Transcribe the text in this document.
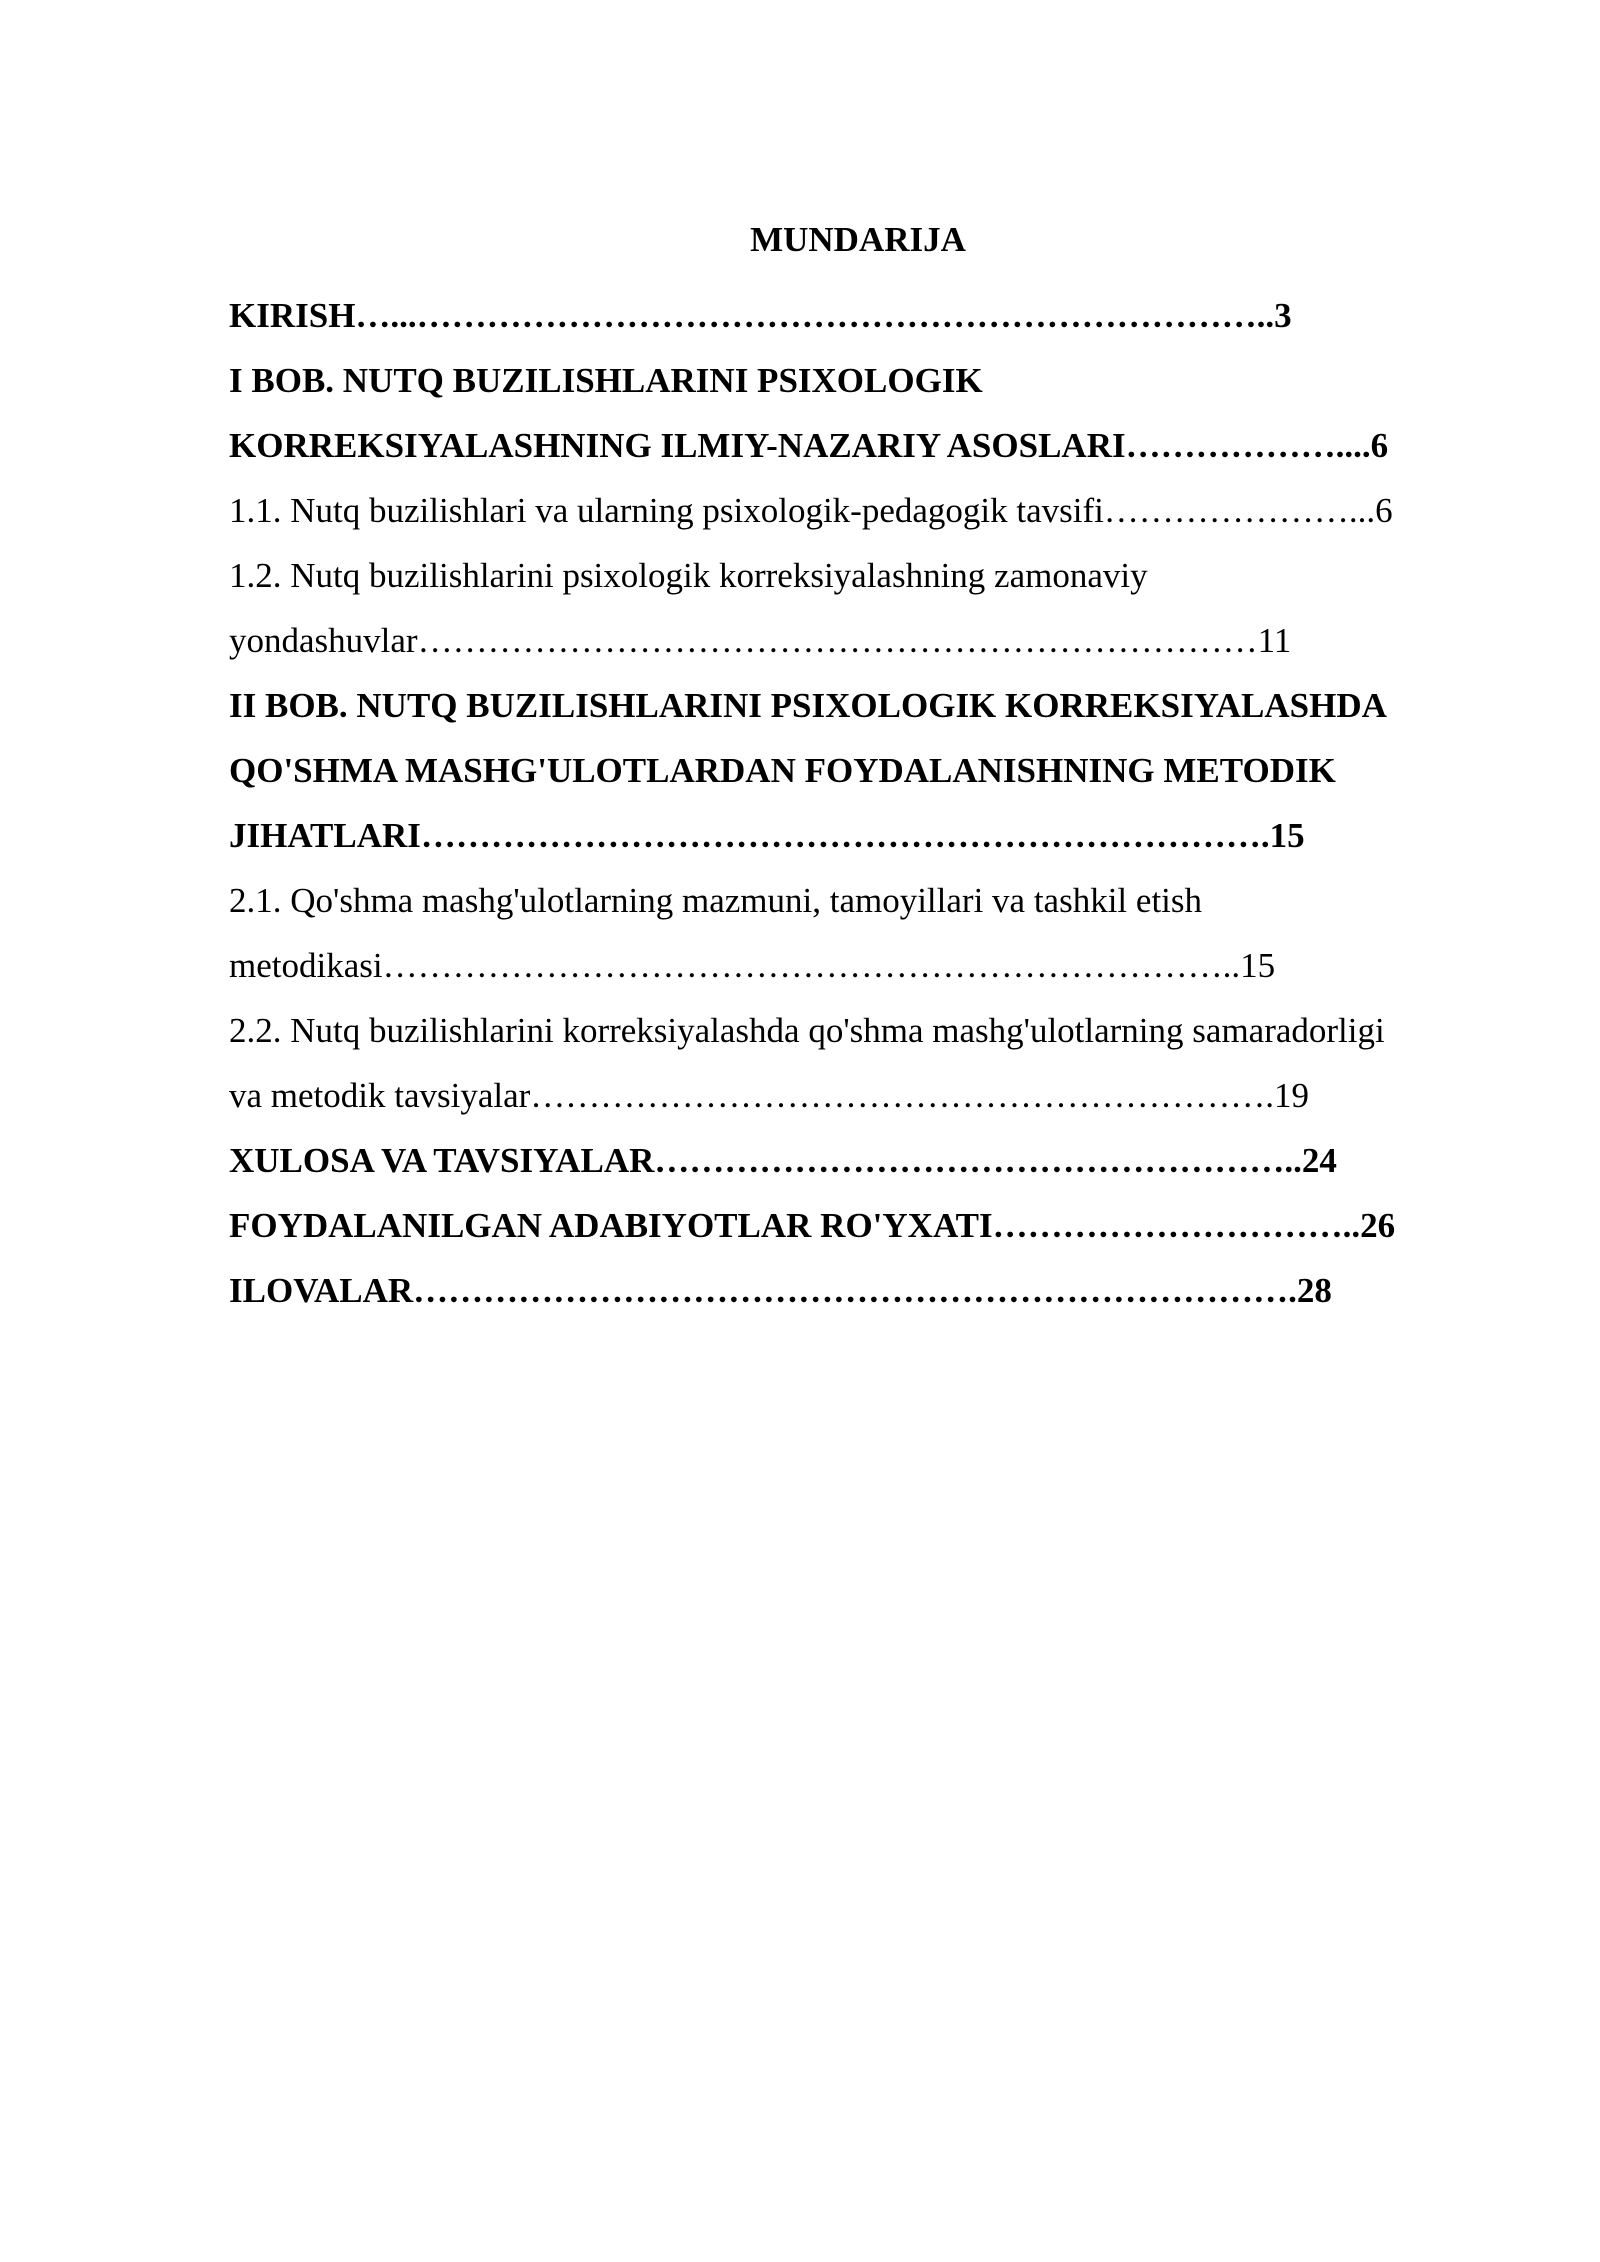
MUNDARIJA
KIRISH…...………………………………………………………………..3
I BOB. NUTQ BUZILISHLARINI PSIXOLOGIK
KORREKSIYALASHNING ILMIY-NAZARIY ASOSLARI………………....6
1.1. Nutq buzilishlari va ularning psixologik-pedagogik tavsifi…………………...6
1.2. Nutq buzilishlarini psixologik korreksiyalashning zamonaviy
yondashuvlar………………………………………………………………11
II BOB. NUTQ BUZILISHLARINI PSIXOLOGIK KORREKSIYALASHDA
QO'SHMA MASHG'ULOTLARDAN FOYDALANISHNING METODIK
JIHATLARI……………………………………………………………….15
2.1. Qo'shma mashg'ulotlarning mazmuni, tamoyillari va tashkil etish
metodikasi………………………………………………………………..15
2.2. Nutq buzilishlarini korreksiyalashda qo'shma mashg'ulotlarning samaradorligi
va metodik tavsiyalar……………………………………………………….19
XULOSA VA TAVSIYALAR………………………………………………..24
FOYDALANILGAN ADABIYOTLAR RO'YXATI…………………………..26
ILOVALAR………………………………………………………………….28
